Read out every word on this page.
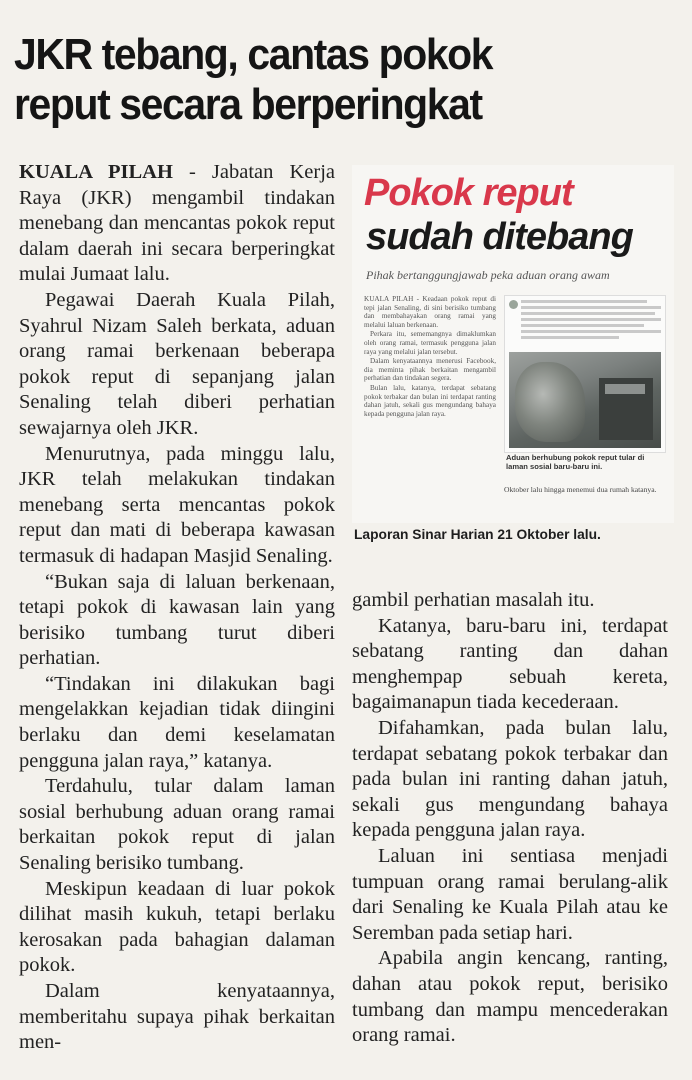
JKR tebang, cantas pokok
reput secara berperingkat

KUALA PILAH - Jabatan Kerja Raya (JKR) mengambil tindakan menebang dan mencantas pokok reput dalam daerah ini secara berperingkat mulai Jumaat lalu.

Pegawai Daerah Kuala Pilah, Syahrul Nizam Saleh berkata, aduan orang ramai berkenaan beberapa pokok reput di sepanjang jalan Senaling telah diberi perhatian sewajarnya oleh JKR.

Menurutnya, pada minggu lalu, JKR telah melakukan tindakan menebang serta mencantas pokok reput dan mati di beberapa kawasan termasuk di hadapan Masjid Senaling.

“Bukan saja di laluan berkenaan, tetapi pokok di kawasan lain yang berisiko tumbang turut diberi perhatian.

“Tindakan ini dilakukan bagi mengelakkan kejadian tidak diingini berlaku dan demi keselamatan pengguna jalan raya,” katanya.

Terdahulu, tular dalam laman sosial berhubung aduan orang ramai berkaitan pokok reput di jalan Senaling berisiko tumbang.

Meskipun keadaan di luar pokok dilihat masih kukuh, tetapi berlaku kerosakan pada bahagian dalaman pokok.

Dalam kenyataannya, memberitahu supaya pihak berkaitan men-

Pokok reput
sudah ditebang
Pihak bertanggungjawab peka aduan orang awam

KUALA PILAH - Keadaan pokok reput di tepi jalan Senaling, di sini berisiko tumbang dan membahayakan orang ramai yang melalui laluan berkenaan.

Perkara itu, sememangnya dimaklumkan oleh orang ramai, termasuk pengguna jalan raya yang melalui jalan tersebut.

Dalam kenyataannya menerusi Facebook, dia meminta pihak berkaitan mengambil perhatian dan tindakan segera.

Bulan lalu, katanya, terdapat sebatang pokok terbakar dan bulan ini terdapat ranting dahan jatuh, sekali gus mengundang bahaya kepada pengguna jalan raya.

Aduan berhubung pokok reput tular di laman sosial baru-baru ini.
Oktober lalu hingga menemui dua rumah katanya.
Laporan Sinar Harian 21 Oktober lalu.

gambil perhatian masalah itu.

Katanya, baru-baru ini, terdapat sebatang ranting dan dahan menghempap sebuah kereta, bagaimanapun tiada kecederaan.

Difahamkan, pada bulan lalu, terdapat sebatang pokok terbakar dan pada bulan ini ranting dahan jatuh, sekali gus mengundang bahaya kepada pengguna jalan raya.

Laluan ini sentiasa menjadi tumpuan orang ramai berulang-alik dari Senaling ke Kuala Pilah atau ke Seremban pada setiap hari.

Apabila angin kencang, ranting, dahan atau pokok reput, berisiko tumbang dan mampu mencederakan orang ramai.
